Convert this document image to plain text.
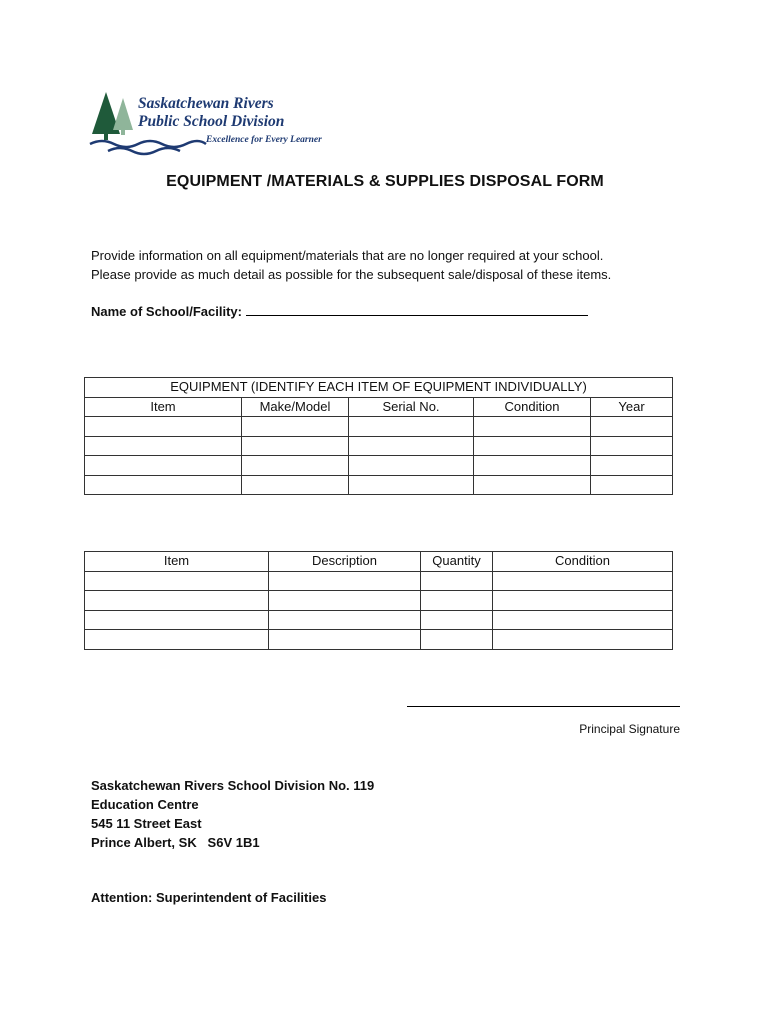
Saskatchewan Rivers
Public School Division
Excellence for Every Learner
EQUIPMENT /MATERIALS & SUPPLIES DISPOSAL FORM
Provide information on all equipment/materials that are no longer required at your school.
Please provide as much detail as possible for the subsequent sale/disposal of these items.
Name of School/Facility:
EQUIPMENT (IDENTIFY EACH ITEM OF EQUIPMENT INDIVIDUALLY)				
Item	Make/Model	Serial No.	Condition	Year

Item	Description	Quantity	Condition

Principal Signature
Saskatchewan Rivers School Division No. 119
Education Centre
545 11 Street East
Prince Albert, SK   S6V 1B1
Attention: Superintendent of Facilities
